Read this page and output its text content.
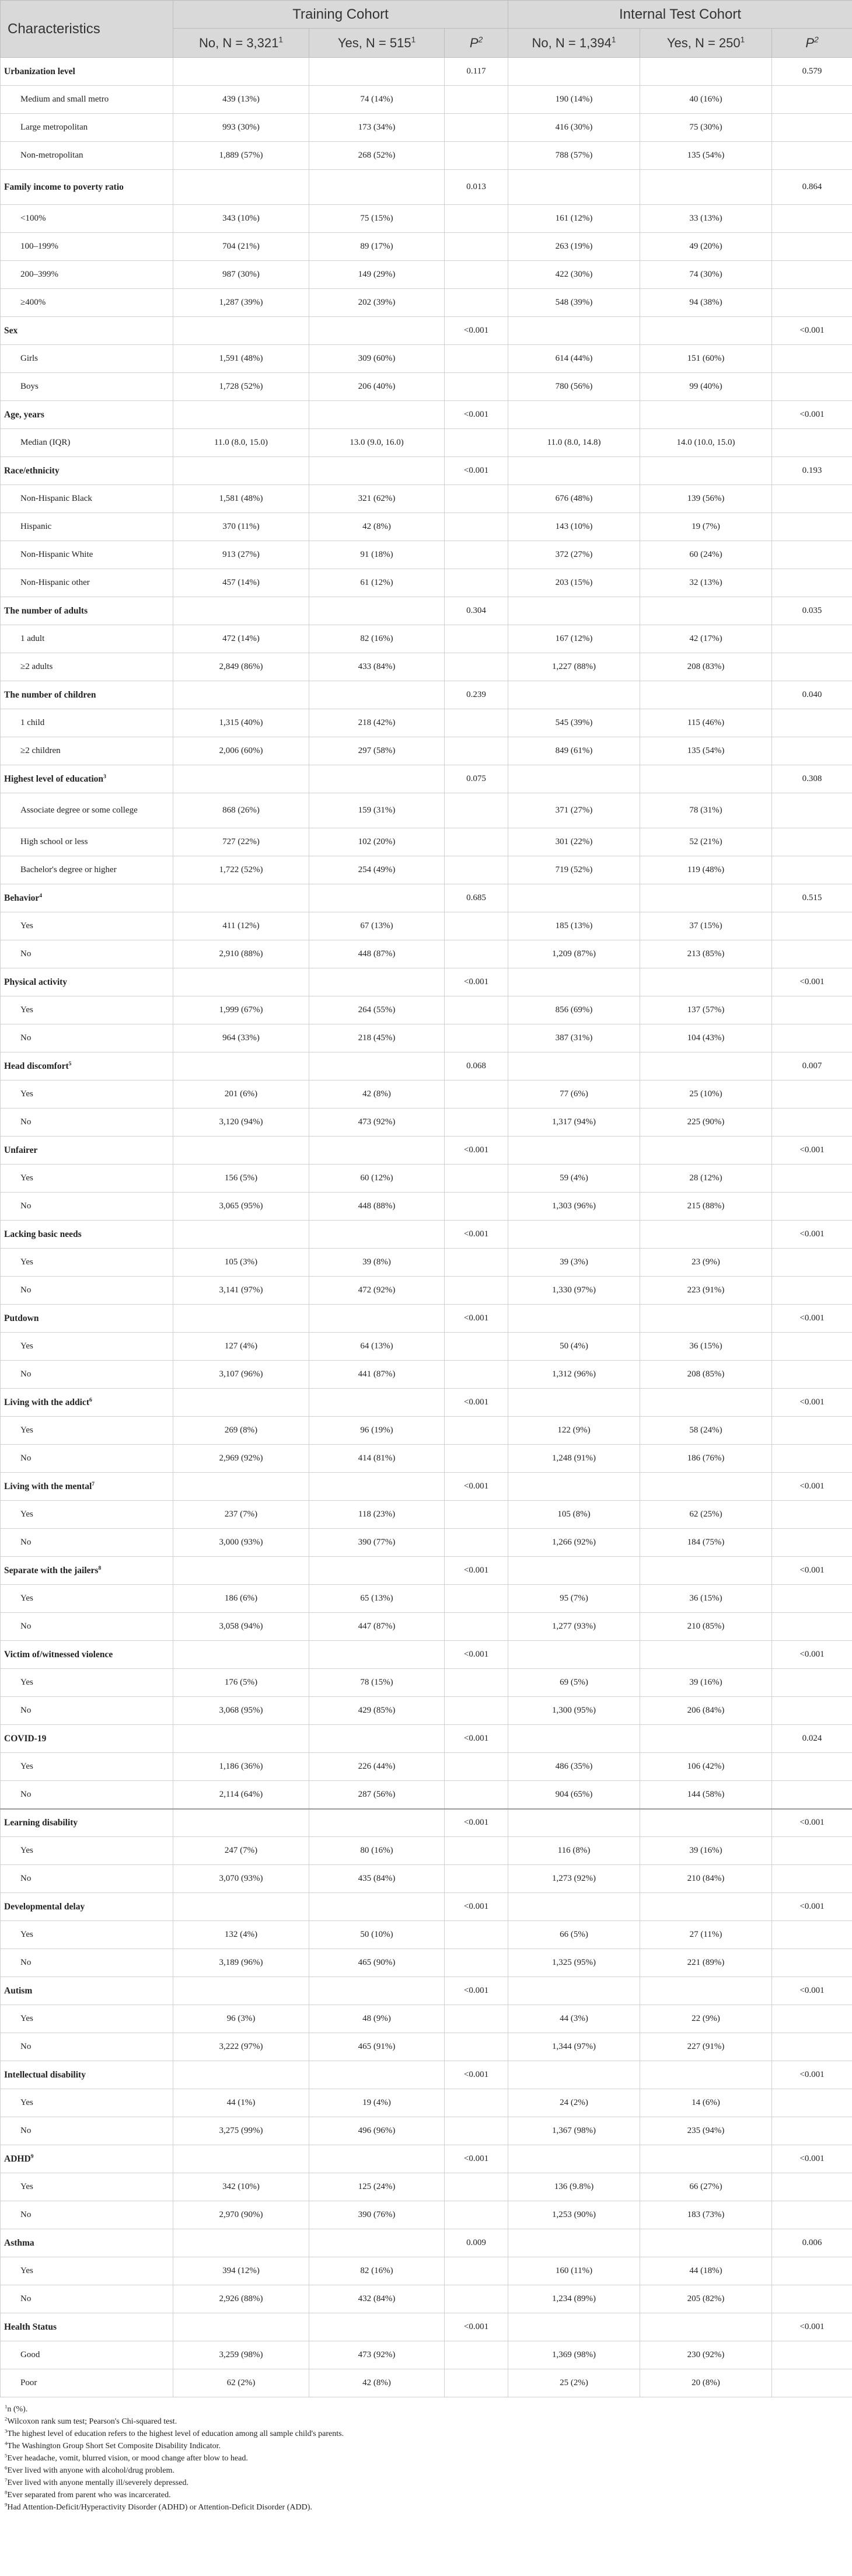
Characteristics	Training Cohort			Internal Test Cohort		
	No, $N = 3,321^1$	Yes, $N = 515^1$	$P^2$	No, $N = 1,394^1$	Yes, $N = 250^1$	$P^2$
Urbanization level			0.117			0.579
Medium and small metro	439 (13%)	74 (14%)		190 (14%)	40 (16%)	
Large metropolitan	993 (30%)	173 (34%)		416 (30%)	75 (30%)	
Non-metropolitan	1,889 (57%)	268 (52%)		788 (57%)	135 (54%)	
Family income to poverty ratio			0.013			0.864
<100%	343 (10%)	75 (15%)		161 (12%)	33 (13%)	
100–199%	704 (21%)	89 (17%)		263 (19%)	49 (20%)	
200–399%	987 (30%)	149 (29%)		422 (30%)	74 (30%)	
≥400%	1,287 (39%)	202 (39%)		548 (39%)	94 (38%)	
Sex			<0.001			<0.001
Girls	1,591 (48%)	309 (60%)		614 (44%)	151 (60%)	
Boys	1,728 (52%)	206 (40%)		780 (56%)	99 (40%)	
Age, years			<0.001			<0.001
Median (IQR)	11.0 (8.0, 15.0)	13.0 (9.0, 16.0)		11.0 (8.0, 14.8)	14.0 (10.0, 15.0)	
Race/ethnicity			<0.001			0.193
Non-Hispanic Black	1,581 (48%)	321 (62%)		676 (48%)	139 (56%)	
Hispanic	370 (11%)	42 (8%)		143 (10%)	19 (7%)	
Non-Hispanic White	913 (27%)	91 (18%)		372 (27%)	60 (24%)	
Non-Hispanic other	457 (14%)	61 (12%)		203 (15%)	32 (13%)	
The number of adults			0.304			0.035
1 adult	472 (14%)	82 (16%)		167 (12%)	42 (17%)	
≥2 adults	2,849 (86%)	433 (84%)		1,227 (88%)	208 (83%)	
The number of children			0.239			0.040
1 child	1,315 (40%)	218 (42%)		545 (39%)	115 (46%)	
≥2 children	2,006 (60%)	297 (58%)		849 (61%)	135 (54%)	
Highest level of education$^3$			0.075			0.308
Associate degree or some college	868 (26%)	159 (31%)		371 (27%)	78 (31%)	
High school or less	727 (22%)	102 (20%)		301 (22%)	52 (21%)	
Bachelor's degree or higher	1,722 (52%)	254 (49%)		719 (52%)	119 (48%)	
Behavior$^4$			0.685			0.515
Yes	411 (12%)	67 (13%)		185 (13%)	37 (15%)	
No	2,910 (88%)	448 (87%)		1,209 (87%)	213 (85%)	
Physical activity			<0.001			<0.001
Yes	1,999 (67%)	264 (55%)		856 (69%)	137 (57%)	
No	964 (33%)	218 (45%)		387 (31%)	104 (43%)	
Head discomfort$^5$			0.068			0.007
Yes	201 (6%)	42 (8%)		77 (6%)	25 (10%)	
No	3,120 (94%)	473 (92%)		1,317 (94%)	225 (90%)	
Unfairer			<0.001			<0.001
Yes	156 (5%)	60 (12%)		59 (4%)	28 (12%)	
No	3,065 (95%)	448 (88%)		1,303 (96%)	215 (88%)	
Lacking basic needs			<0.001			<0.001
Yes	105 (3%)	39 (8%)		39 (3%)	23 (9%)	
No	3,141 (97%)	472 (92%)		1,330 (97%)	223 (91%)	
Putdown			<0.001			<0.001
Yes	127 (4%)	64 (13%)		50 (4%)	36 (15%)	
No	3,107 (96%)	441 (87%)		1,312 (96%)	208 (85%)	
Living with the addict$^6$			<0.001			<0.001
Yes	269 (8%)	96 (19%)		122 (9%)	58 (24%)	
No	2,969 (92%)	414 (81%)		1,248 (91%)	186 (76%)	
Living with the mental$^7$			<0.001			<0.001
Yes	237 (7%)	118 (23%)		105 (8%)	62 (25%)	
No	3,000 (93%)	390 (77%)		1,266 (92%)	184 (75%)	
Separate with the jailers$^8$			<0.001			<0.001
Yes	186 (6%)	65 (13%)		95 (7%)	36 (15%)	
No	3,058 (94%)	447 (87%)		1,277 (93%)	210 (85%)	
Victim of/witnessed violence			<0.001			<0.001
Yes	176 (5%)	78 (15%)		69 (5%)	39 (16%)	
No	3,068 (95%)	429 (85%)		1,300 (95%)	206 (84%)	
COVID-19			<0.001			0.024
Yes	1,186 (36%)	226 (44%)		486 (35%)	106 (42%)	
No	2,114 (64%)	287 (56%)		904 (65%)	144 (58%)	
Learning disability			<0.001			<0.001
Yes	247 (7%)	80 (16%)		116 (8%)	39 (16%)	
No	3,070 (93%)	435 (84%)		1,273 (92%)	210 (84%)	
Developmental delay			<0.001			<0.001
Yes	132 (4%)	50 (10%)		66 (5%)	27 (11%)	
No	3,189 (96%)	465 (90%)		1,325 (95%)	221 (89%)	
Autism			<0.001			<0.001
Yes	96 (3%)	48 (9%)		44 (3%)	22 (9%)	
No	3,222 (97%)	465 (91%)		1,344 (97%)	227 (91%)	
Intellectual disability			<0.001			<0.001
Yes	44 (1%)	19 (4%)		24 (2%)	14 (6%)	
No	3,275 (99%)	496 (96%)		1,367 (98%)	235 (94%)	
ADHD$^9$			<0.001			<0.001
Yes	342 (10%)	125 (24%)		136 (9.8%)	66 (27%)	
No	2,970 (90%)	390 (76%)		1,253 (90%)	183 (73%)	
Asthma			0.009			0.006
Yes	394 (12%)	82 (16%)		160 (11%)	44 (18%)	
No	2,926 (88%)	432 (84%)		1,234 (89%)	205 (82%)	
Health Status			<0.001			<0.001
Good	3,259 (98%)	473 (92%)		1,369 (98%)	230 (92%)	
Poor	62 (2%)	42 (8%)		25 (2%)	20 (8%)	
$^1$n (%).
$^2$Wilcoxon rank sum test; Pearson's Chi-squared test.
$^3$The highest level of education refers to the highest level of education among all sample child's parents.
$^4$The Washington Group Short Set Composite Disability Indicator.
$^5$Ever headache, vomit, blurred vision, or mood change after blow to head.
$^6$Ever lived with anyone with alcohol/drug problem.
$^7$Ever lived with anyone mentally ill/severely depressed.
$^8$Ever separated from parent who was incarcerated.
$^9$Had Attention-Deficit/Hyperactivity Disorder (ADHD) or Attention-Deficit Disorder (ADD).
